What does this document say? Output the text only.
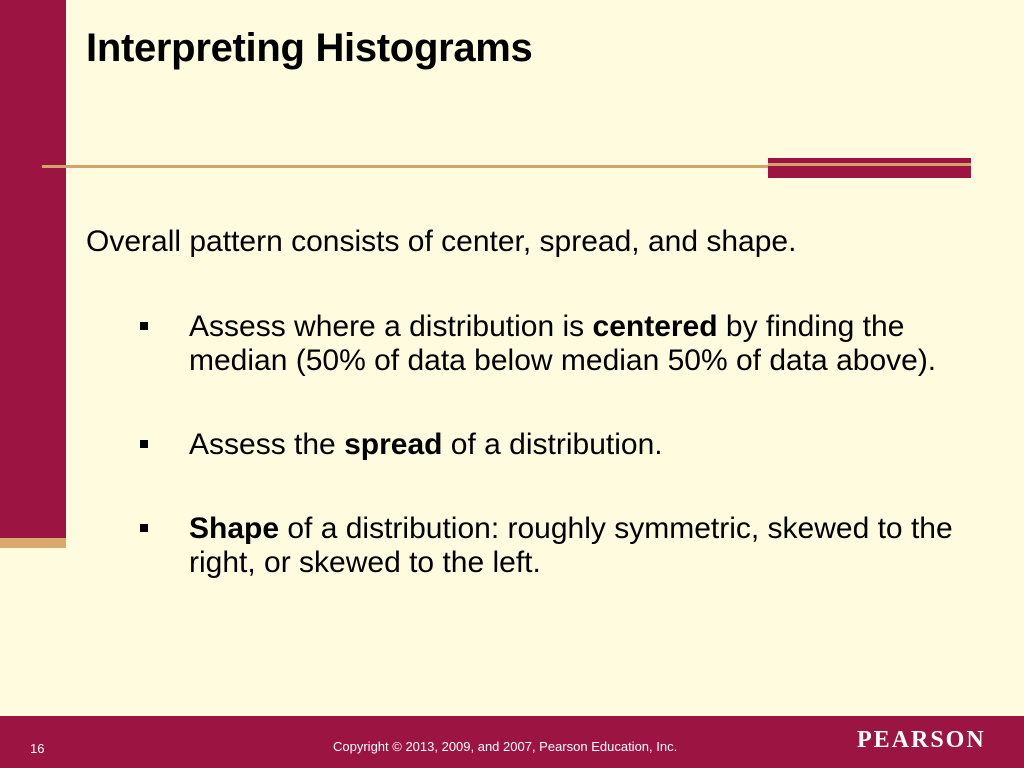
Interpreting Histograms

Overall pattern consists of center, spread, and shape.

Assess where a distribution is centered by finding the median (50% of data below median 50% of data above).
Assess the spread of a distribution.
Shape of a distribution: roughly symmetric, skewed to the right, or skewed to the left.
16	Copyright © 2013, 2009, and 2007, Pearson Education, Inc.	PEARSON
